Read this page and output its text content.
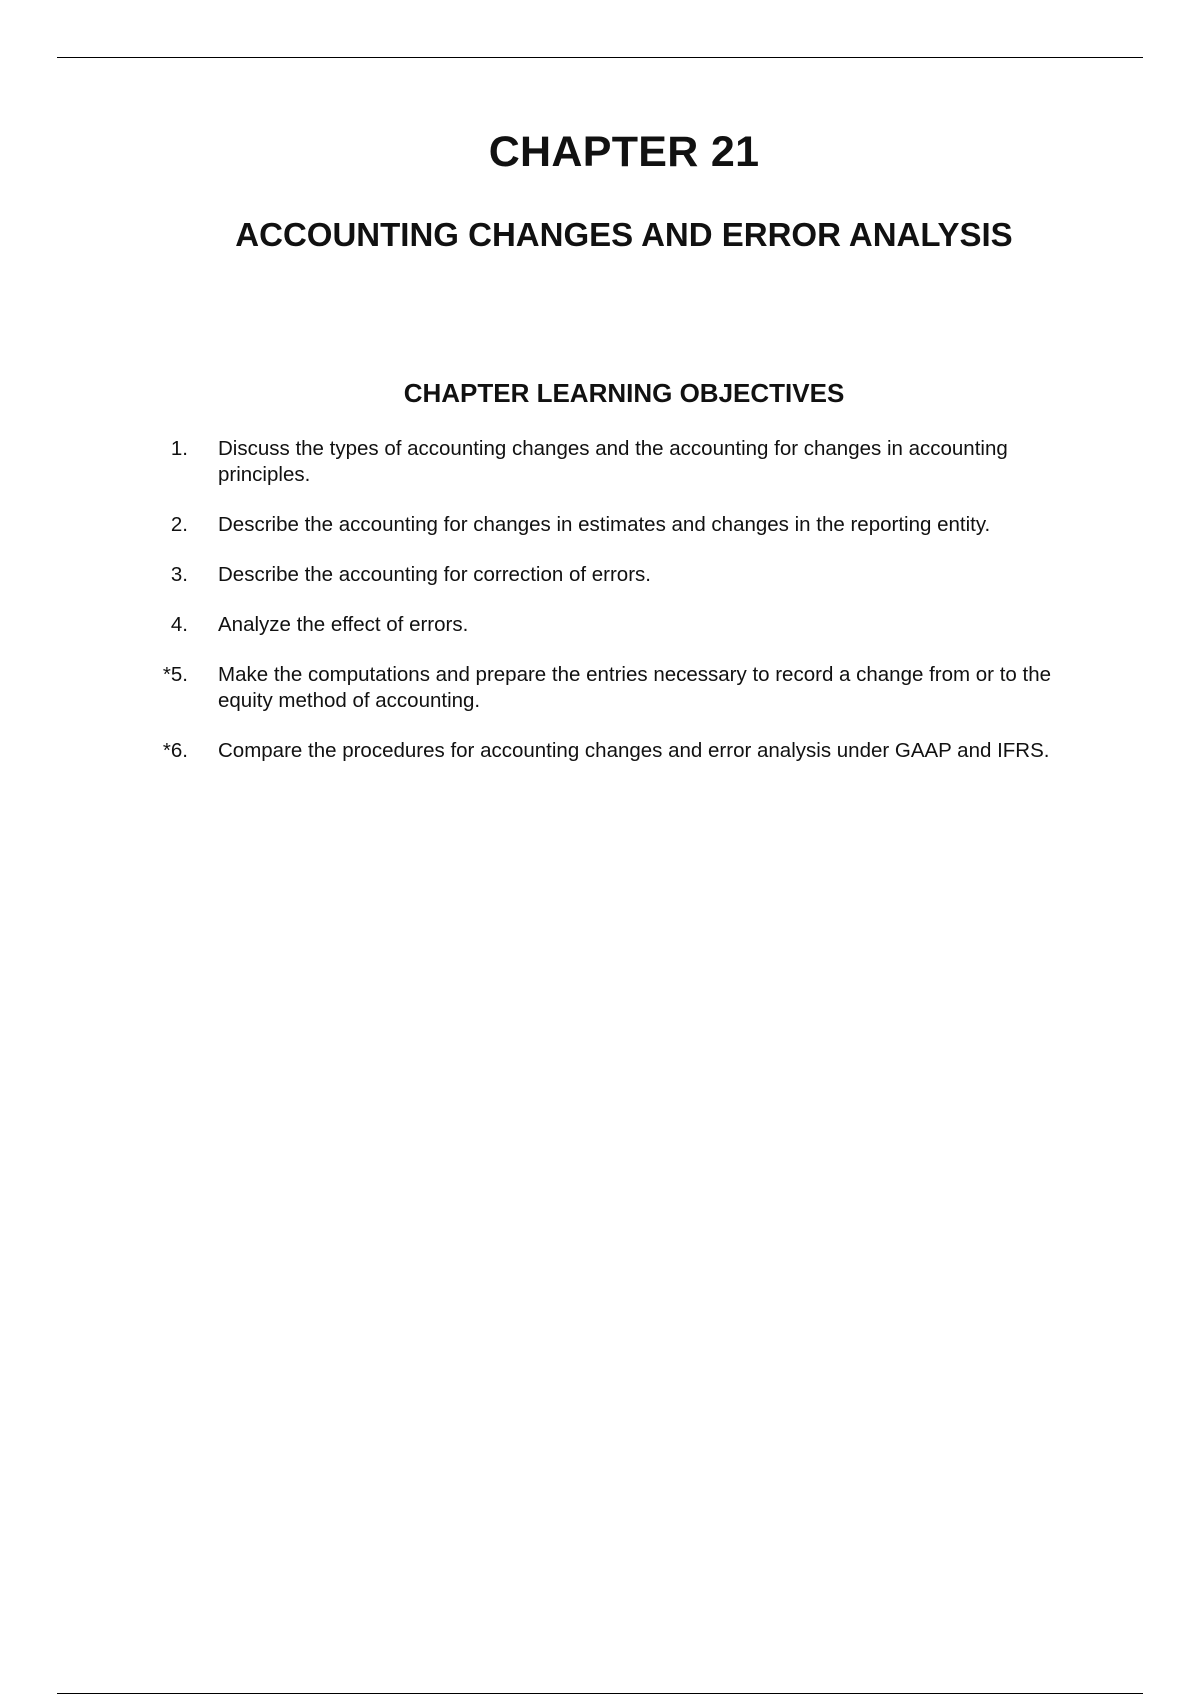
CHAPTER 21
ACCOUNTING CHANGES AND ERROR ANALYSIS
CHAPTER LEARNING OBJECTIVES
1. Discuss the types of accounting changes and the accounting for changes in accounting principles.
2. Describe the accounting for changes in estimates and changes in the reporting entity.
3. Describe the accounting for correction of errors.
4. Analyze the effect of errors.
*5. Make the computations and prepare the entries necessary to record a change from or to the equity method of accounting.
*6. Compare the procedures for accounting changes and error analysis under GAAP and IFRS.
